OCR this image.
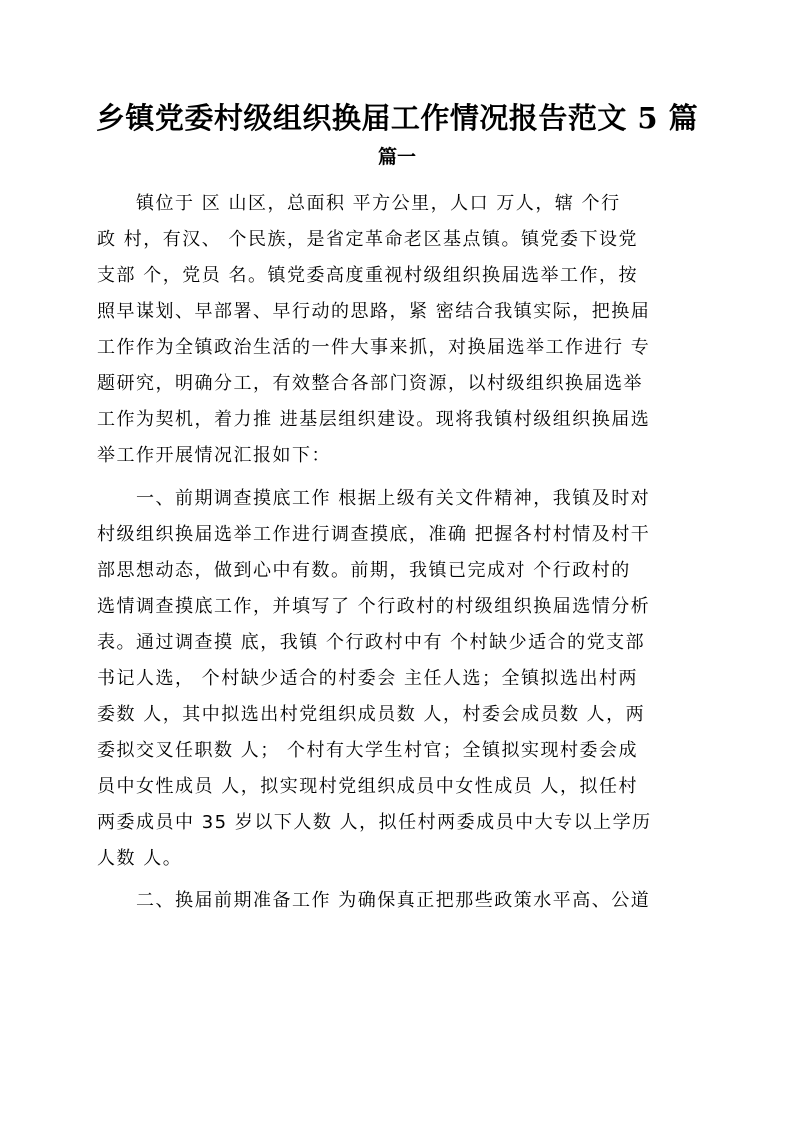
乡镇党委村级组织换届工作情况报告范文 5 篇
篇一

　　镇位于 区 山区，总面积 平方公里，人口 万人，辖 个行
政 村，有汉、 个民族，是省定革命老区基点镇。镇党委下设党
支部 个，党员 名。镇党委高度重视村级组织换届选举工作，按
照早谋划、早部署、早行动的思路，紧 密结合我镇实际，把换届
工作作为全镇政治生活的一件大事来抓，对换届选举工作进行 专
题研究，明确分工，有效整合各部门资源，以村级组织换届选举
工作为契机，着力推 进基层组织建设。现将我镇村级组织换届选
举工作开展情况汇报如下：

　　一、前期调查摸底工作 根据上级有关文件精神，我镇及时对
村级组织换届选举工作进行调查摸底，准确 把握各村村情及村干
部思想动态，做到心中有数。前期，我镇已完成对 个行政村的
选情调查摸底工作，并填写了 个行政村的村级组织换届选情分析
表。通过调查摸 底，我镇 个行政村中有 个村缺少适合的党支部
书记人选， 个村缺少适合的村委会 主任人选；全镇拟选出村两
委数 人，其中拟选出村党组织成员数 人，村委会成员数 人，两
委拟交叉任职数 人； 个村有大学生村官；全镇拟实现村委会成
员中女性成员 人，拟实现村党组织成员中女性成员 人，拟任村
两委成员中 35 岁以下人数 人，拟任村两委成员中大专以上学历
人数 人。

　　二、换届前期准备工作 为确保真正把那些政策水平高、公道
